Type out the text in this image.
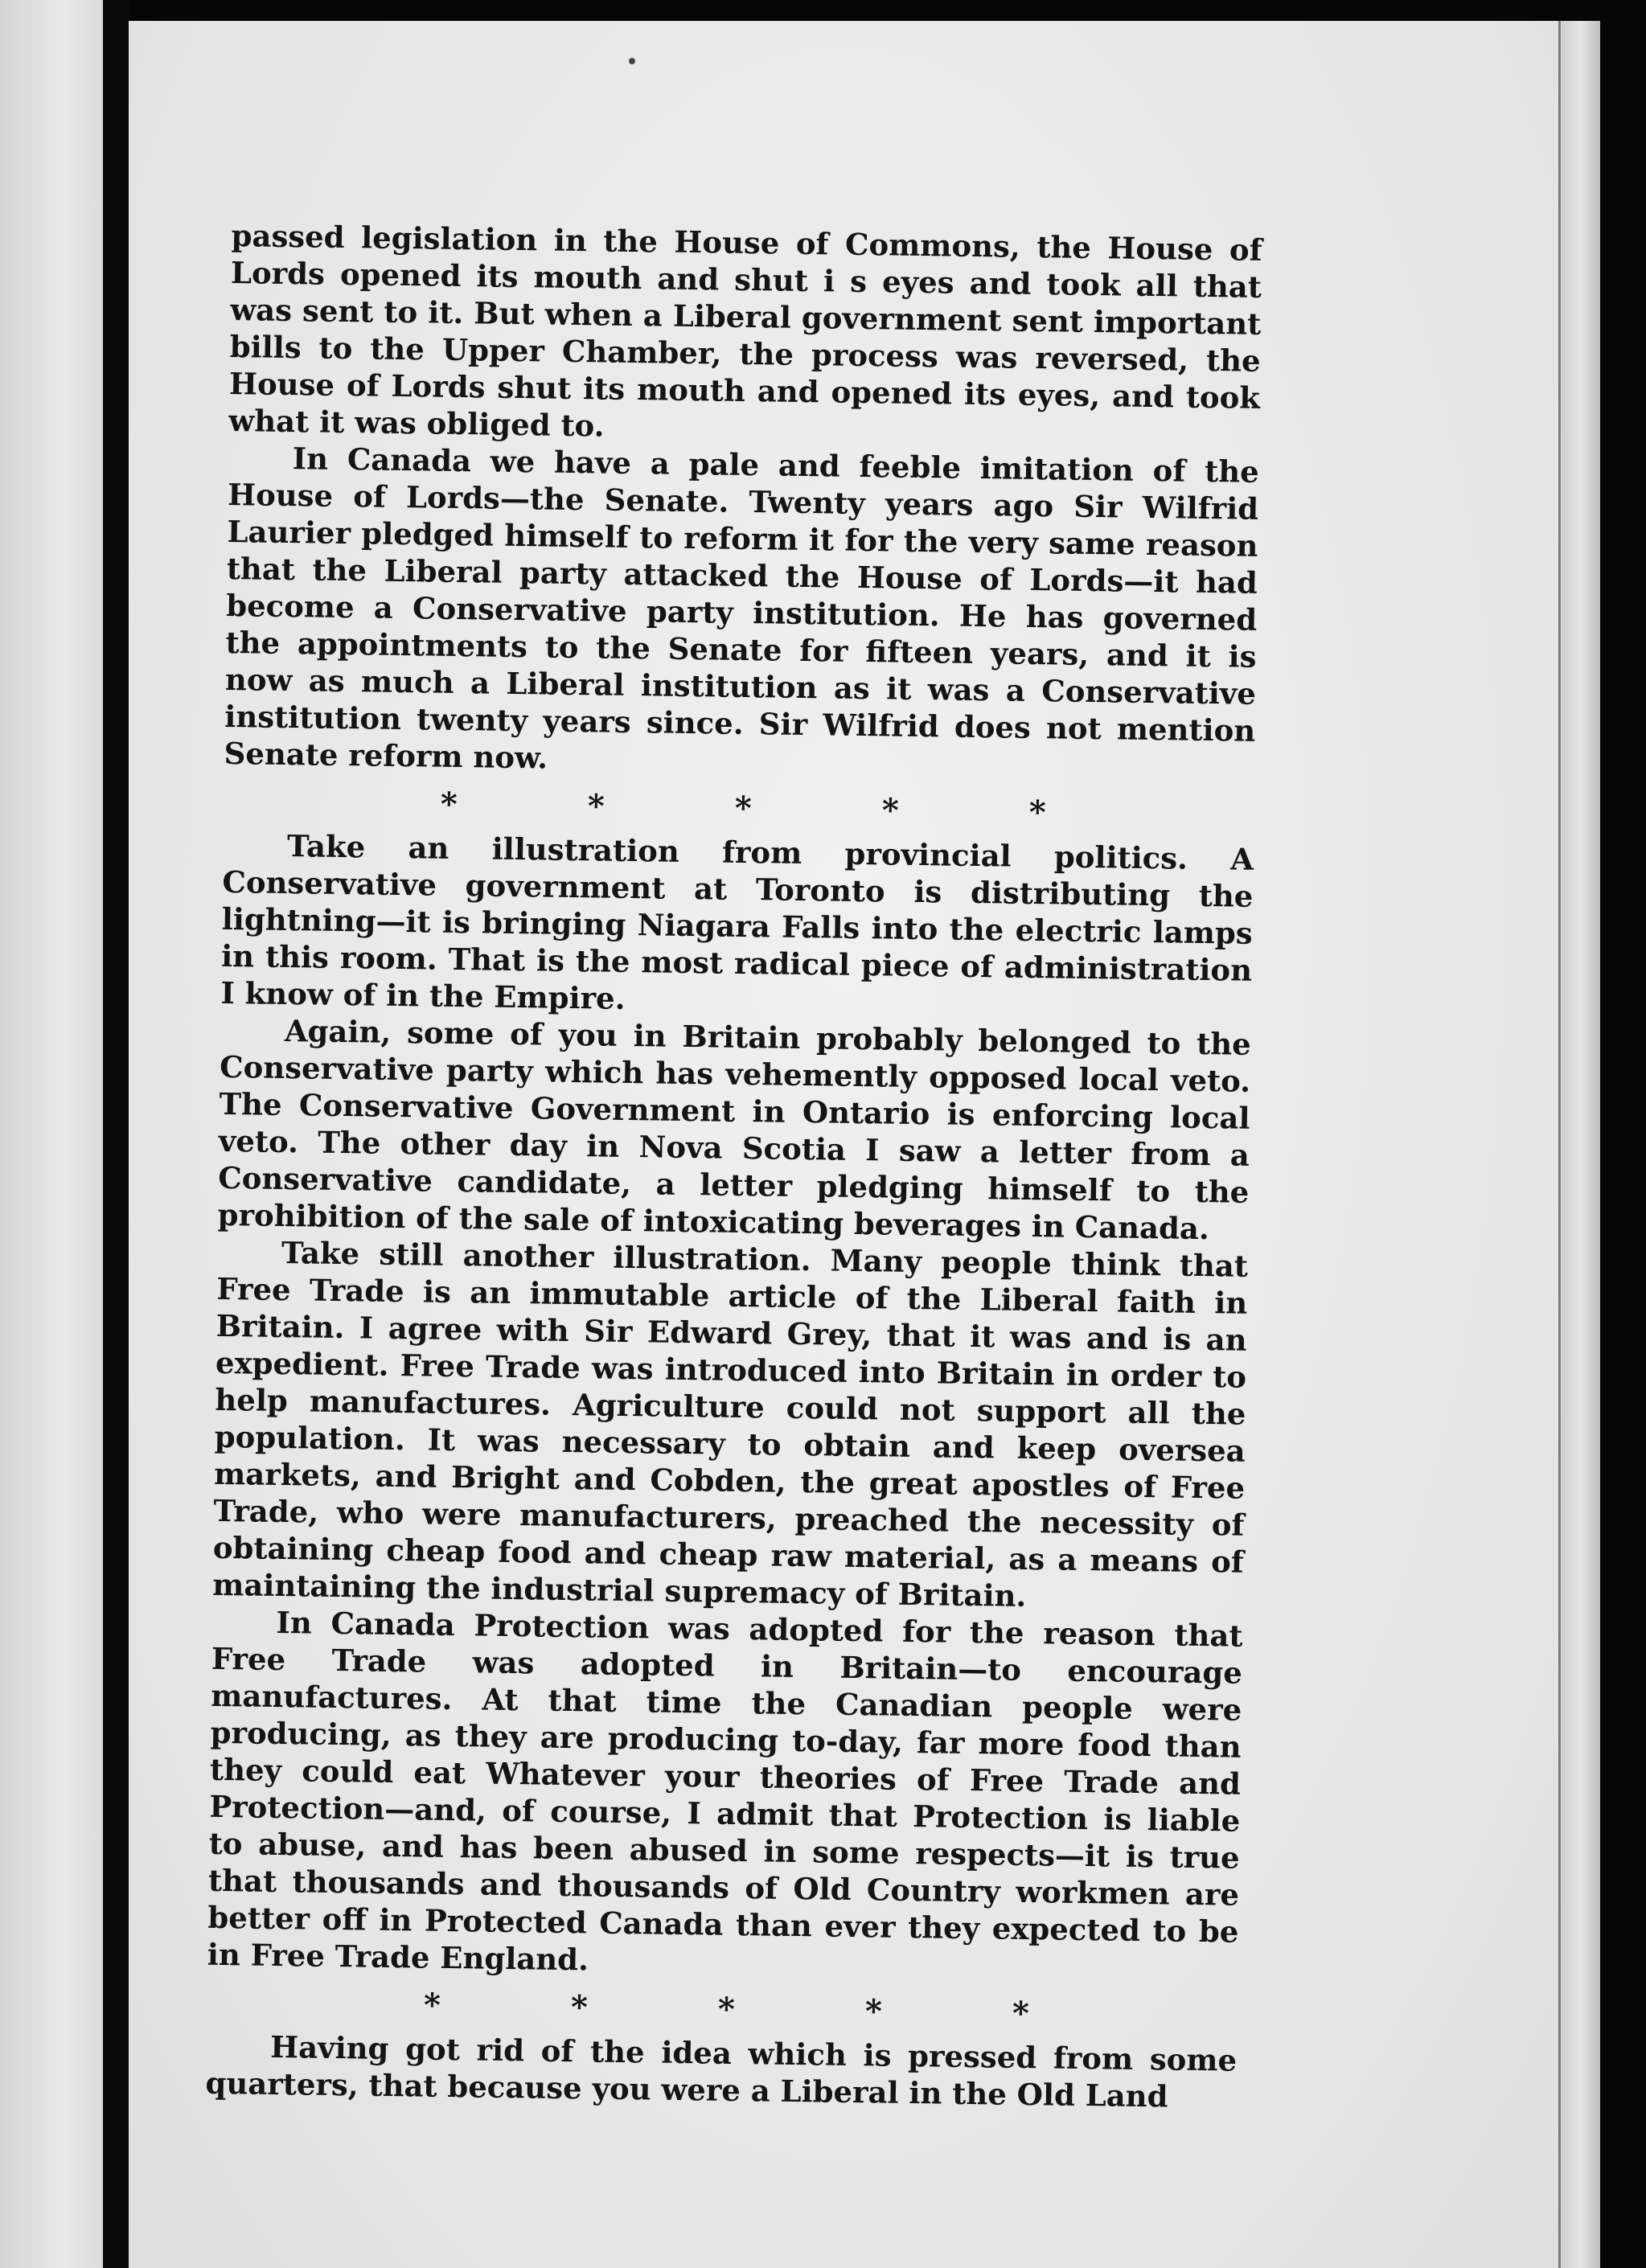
passed legislation in the House of Commons, the House of Lords opened its mouth and shut i s eyes and took all that was sent to it. But when a Liberal government sent important bills to the Upper Chamber, the process was reversed, the House of Lords shut its mouth and opened its eyes, and took what it was obliged to.

In Canada we have a pale and feeble imitation of the House of Lords—the Senate. Twenty years ago Sir Wilfrid Laurier pledged himself to reform it for the very same reason that the Liberal party attacked the House of Lords—it had become a Conservative party institution. He has governed the appointments to the Senate for fifteen years, and it is now as much a Liberal institution as it was a Conservative institution twenty years since. Sir Wilfrid does not mention Senate reform now.

*	*	*	*	*

Take an illustration from provincial politics. A Conservative government at Toronto is distributing the lightning—it is bringing Niagara Falls into the electric lamps in this room. That is the most radical piece of administration I know of in the Empire.

Again, some of you in Britain probably belonged to the Conservative party which has vehemently opposed local veto. The Conservative Government in Ontario is enforcing local veto. The other day in Nova Scotia I saw a letter from a Conservative candidate, a letter pledging himself to the prohibition of the sale of intoxicating beverages in Canada.

Take still another illustration. Many people think that Free Trade is an immutable article of the Liberal faith in Britain. I agree with Sir Edward Grey, that it was and is an expedient. Free Trade was introduced into Britain in order to help manufactures. Agriculture could not support all the population. It was necessary to obtain and keep oversea markets, and Bright and Cobden, the great apostles of Free Trade, who were manufacturers, preached the necessity of obtaining cheap food and cheap raw material, as a means of maintaining the industrial supremacy of Britain.

In Canada Protection was adopted for the reason that Free Trade was adopted in Britain—to encourage manufactures. At that time the Canadian people were producing, as they are producing to-day, far more food than they could eat Whatever your theories of Free Trade and Protection—and, of course, I admit that Protection is liable to abuse, and has been abused in some respects—it is true that thousands and thousands of Old Country workmen are better off in Protected Canada than ever they expected to be in Free Trade England.

*	*	*	*	*

Having got rid of the idea which is pressed from some quarters, that because you were a Liberal in the Old Land
